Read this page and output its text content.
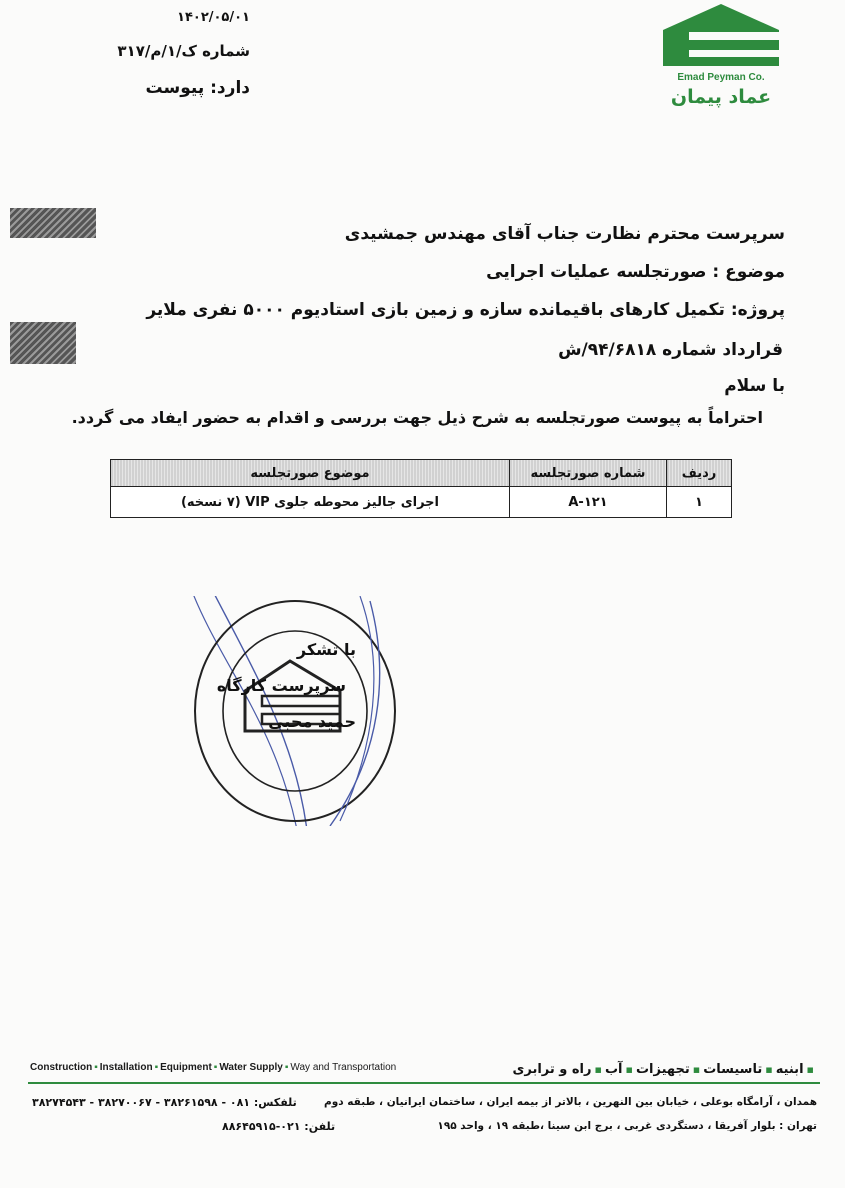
Emad Peyman Co.
عماد پیمان
۱۴۰۲/۰۵/۰۱
شماره ک/۱/م/۳۱۷
دارد: پیوست
سرپرست محترم نظارت جناب آقای مهندس جمشیدی
موضوع : صورتجلسه عملیات اجرایی
پروژه: تکمیل کارهای باقیمانده سازه و زمین بازی استادیوم ۵۰۰۰ نفری ملایر
قرارداد شماره ۹۴/۶۸۱۸/ش
با سلام
احتراماً به پیوست صورتجلسه به شرح ذیل جهت بررسی و اقدام به حضور ایفاد می گردد.
ردیف	شماره صورتجلسه	موضوع صورتجلسه
۱	A-۱۲۱	اجرای جالیز محوطه جلوی VIP (۷ نسخه)
با تشکر
سرپرست کارگاه
حمید محبی
Construction ▪ Installation ▪ Equipment ▪ Water Supply ▪ Way and Transportation	▪ابنیه▪تاسیسات▪تجهیزات▪آب▪راه و ترابری
همدان ، آرامگاه بوعلی ، خیابان بین النهرین ، بالاتر از بیمه ایران ، ساختمان ایرانیان ، طبقه دوم
تلفکس: ۰۸۱ - ۳۸۲۶۱۵۹۸ - ۳۸۲۷۰۰۶۷ - ۳۸۲۷۴۵۴۳
تهران : بلوار آفریقا ، دستگردی غربی ، برج ابن سینا ،طبقه ۱۹ ، واحد ۱۹۵
تلفن: ۰۲۱-۸۸۶۴۵۹۱۵
